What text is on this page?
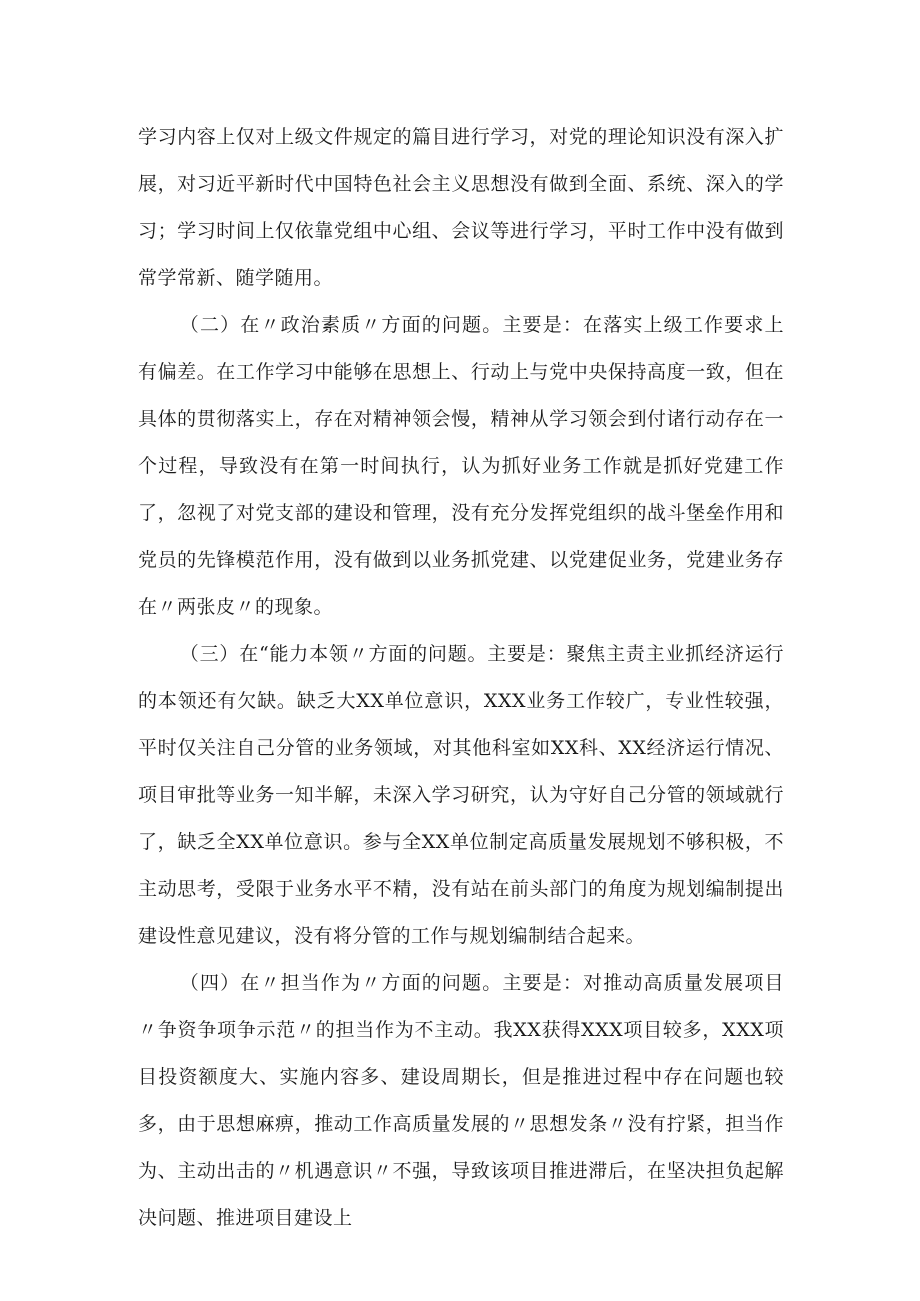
学习内容上仅对上级文件规定的篇目进行学习，对党的理论知识没有深入扩展，对习近平新时代中国特色社会主义思想没有做到全面、系统、深入的学习；学习时间上仅依靠党组中心组、会议等进行学习，平时工作中没有做到常学常新、随学随用。

（二）在〃政治素质〃方面的问题。主要是：在落实上级工作要求上有偏差。在工作学习中能够在思想上、行动上与党中央保持高度一致，但在具体的贯彻落实上，存在对精神领会慢，精神从学习领会到付诸行动存在一个过程，导致没有在第一时间执行，认为抓好业务工作就是抓好党建工作了，忽视了对党支部的建设和管理，没有充分发挥党组织的战斗堡垒作用和党员的先锋模范作用，没有做到以业务抓党建、以党建促业务，党建业务存在〃两张皮〃的现象。

（三）在“能力本领〃方面的问题。主要是：聚焦主责主业抓经济运行的本领还有欠缺。缺乏大XX单位意识，XXX业务工作较广，专业性较强，平时仅关注自己分管的业务领域，对其他科室如XX科、XX经济运行情况、项目审批等业务一知半解，未深入学习研究，认为守好自己分管的领域就行了，缺乏全XX单位意识。参与全XX单位制定高质量发展规划不够积极，不主动思考，受限于业务水平不精，没有站在前头部门的角度为规划编制提出建设性意见建议，没有将分管的工作与规划编制结合起来。

（四）在〃担当作为〃方面的问题。主要是：对推动高质量发展项目〃争资争项争示范〃的担当作为不主动。我XX获得XXX项目较多，XXX项目投资额度大、实施内容多、建设周期长，但是推进过程中存在问题也较多，由于思想麻痹，推动工作高质量发展的〃思想发条〃没有拧紧，担当作为、主动出击的〃机遇意识〃不强，导致该项目推进滞后，在坚决担负起解决问题、推进项目建设上
